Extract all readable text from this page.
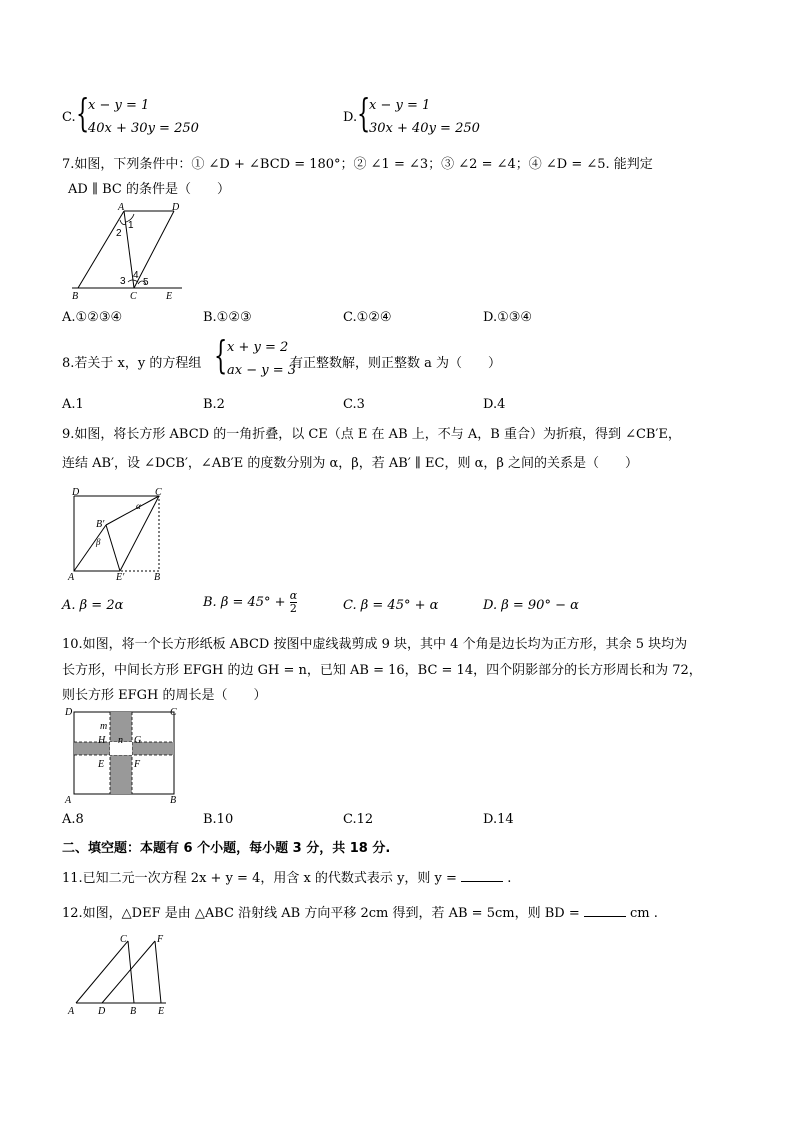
C. {
x − y = 1
40x + 30y = 250
D. {
x − y = 1
30x + 40y = 250
7.如图，下列条件中：① ∠D + ∠BCD = 180°；② ∠1 = ∠3；③ ∠2 = ∠4；④ ∠D = ∠5. 能判定
AD ∥ BC 的条件是（　　）
A	D
B	C	E
1
2
3
4
5
A.①②③④	B.①②③	C.①②④	D.①③④
8.若关于 x，y 的方程组 { x + y = 2
ax − y = 3
有正整数解，则正整数 a 为（　　）
A.1	B.2	C.3	D.4
9.如图，将长方形 ABCD 的一角折叠，以 CE（点 E 在 AB 上，不与 A，B 重合）为折痕，得到 ∠CB′E，
连结 AB′，设 ∠DCB′，∠AB′E 的度数分别为 α，β，若 AB′ ∥ EC，则 α，β 之间的关系是（　　）
D	C
A	E′	B
B′
α
β
A. β = 2α	B. $\beta = 45^\circ + \frac{\alpha}{2}$	C. β = 45° + α	D. β = 90° − α
10.如图，将一个长方形纸板 ABCD 按图中虚线裁剪成 9 块，其中 4 个角是边长均为正方形，其余 5 块均为
长方形，中间长方形 EFGH 的边 GH = n，已知 AB = 16，BC = 14，四个阴影部分的长方形周长和为 72，
则长方形 EFGH 的周长是（　　）
D	C
A	B
m
H n G
E	F
A.8	B.10	C.12	D.14
二、填空题：本题有 6 个小题，每小题 3 分，共 18 分.
11.已知二元一次方程 2x + y = 4，用含 x 的代数式表示 y，则 y =	.
12.如图，△DEF 是由 △ABC 沿射线 AB 方向平移 2cm 得到，若 AB = 5cm，则 BD =	cm .
C	F
A D B E
